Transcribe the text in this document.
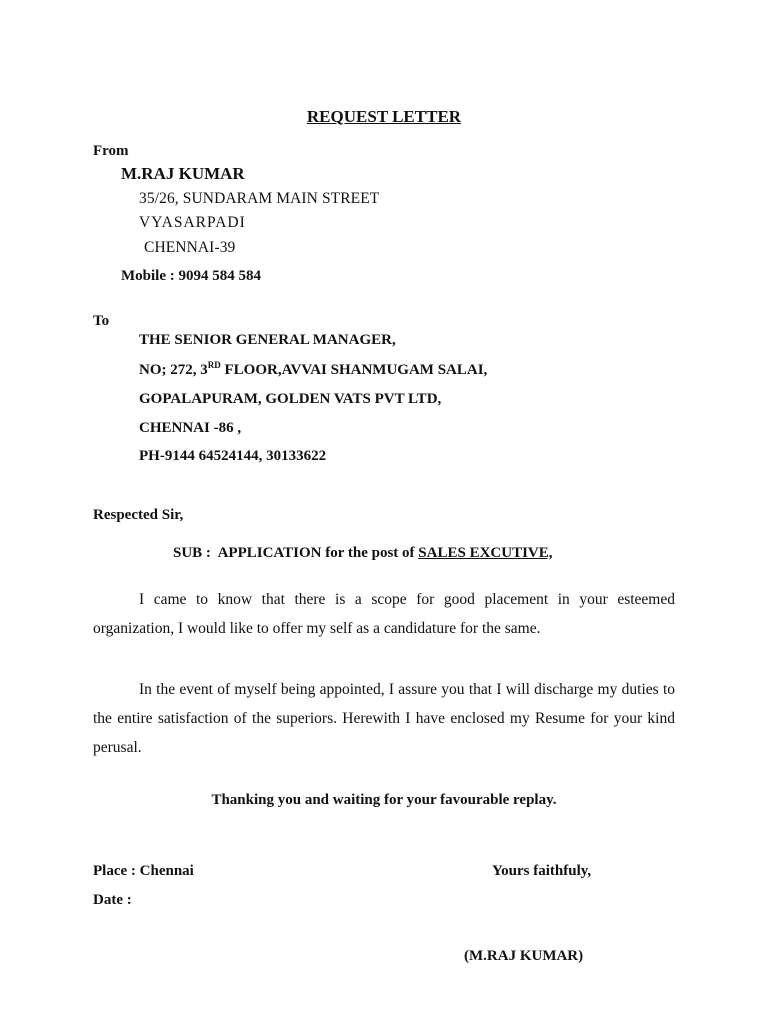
REQUEST LETTER
From
M.RAJ KUMAR
35/26, SUNDARAM MAIN STREET
VYASARPADI
CHENNAI-39
Mobile : 9094 584 584
To
THE SENIOR GENERAL MANAGER,
NO; 272, 3RD FLOOR,AVVAI SHANMUGAM SALAI,
GOPALAPURAM, GOLDEN VATS PVT LTD,
CHENNAI -86 ,
PH-9144 64524144, 30133622
Respected Sir,
SUB :  APPLICATION for the post of SALES EXCUTIVE,
I came to know that there is a scope for good placement in your esteemed organization, I would like to offer my self as a candidature for the same.
In the event of myself being appointed, I assure you that I will discharge my duties to the entire satisfaction of the superiors. Herewith I have enclosed my Resume for your kind perusal.
Thanking you and waiting for your favourable replay.
Place : Chennai
Date :
Yours faithfuly,
(M.RAJ KUMAR)
